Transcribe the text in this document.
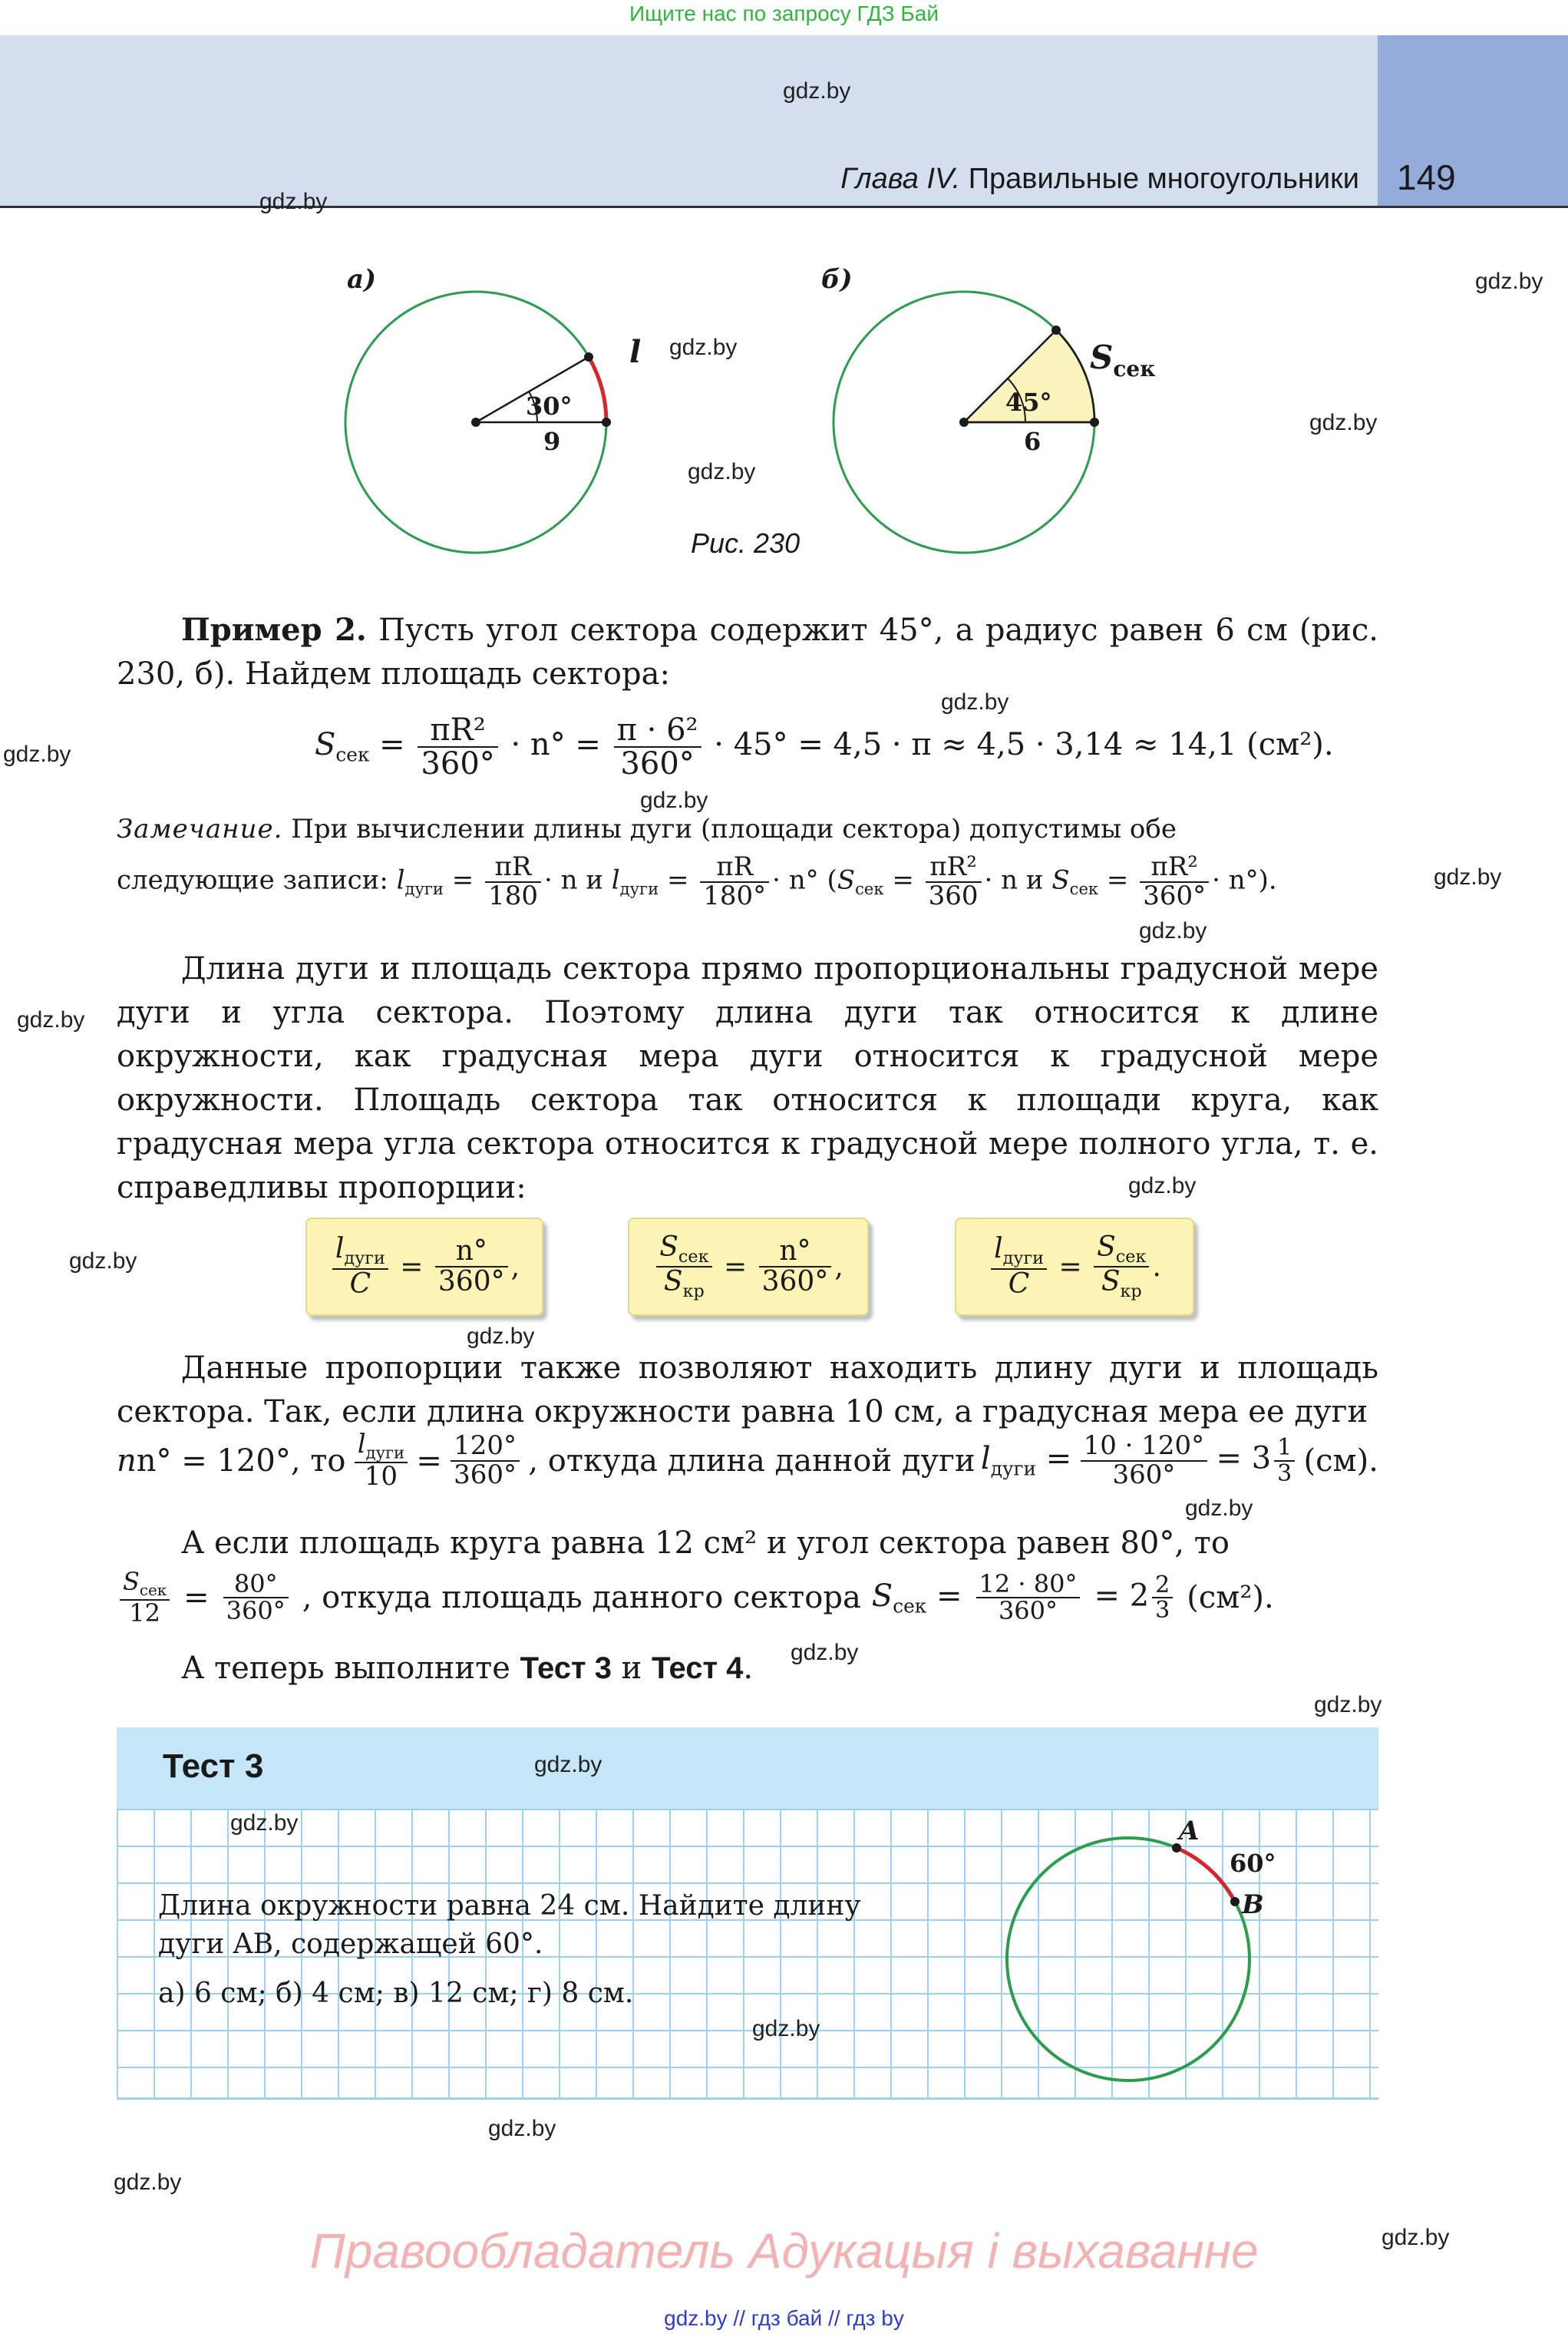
Ищите нас по запросу ГДЗ Бай
Глава IV. Правильные многоугольники 149
gdz.by
gdz.by
gdz.by
gdz.by
gdz.by
gdz.by
gdz.by
gdz.by
gdz.by
gdz.by
gdz.by
gdz.by
gdz.by
gdz.by
gdz.by
gdz.by
gdz.by
gdz.by
а)
30°
9
l
б)
45°
6
$S_{сек}$
Рис. 230
Пример 2. Пусть угол сектора содержит 45°, а радиус равен 6 см (рис. 230, б). Найдем площадь сектора:
$S_{сек} = \frac{\text{πR²}}{360^\circ} \cdot n^\circ = \frac{\text{π · 6²}}{360^\circ} \cdot 45^\circ = 4,5 \cdot \pi \approx 4,5 \cdot 3,14 \approx 14,1$ (см²).
Замечание. При вычислении длины дуги (площади сектора) допустимы обе
следующие записи: $l_{дуги} = \frac{\pi R}{180} \cdot n$ и $l_{дуги} = \frac{\pi R}{180^\circ} \cdot n^\circ$ ($S_{сек} = \frac{\text{πR²}}{360} \cdot n$ и $S_{сек} = \frac{\text{πR²}}{360^\circ} \cdot n^\circ$).
Длина дуги и площадь сектора прямо пропорциональны градусной мере дуги и угла сектора. Поэтому длина дуги так относится к длине окружности, как градусная мера дуги относится к градусной мере окружности. Площадь сектора так относится к площади круга, как градусная мера угла сектора относится к градусной мере полного угла, т. е. справедливы пропорции:
$\frac{l_{дуги}}{C} = \frac{n^\circ}{360^\circ}$ ,	$\frac{S_{сек}}{S_{кр}} = \frac{n^\circ}{360^\circ}$ ,	$\frac{l_{дуги}}{C} = \frac{S_{сек}}{S_{кр}}$ .
Данные пропорции также позволяют находить длину дуги и площадь сектора. Так, если длина окружности равна 10 см, а градусная мера ее дуги
nn° = 120°, то $\frac{l_{дуги}}{10} = \frac{120^\circ}{360^\circ}$ , откуда длина данной дуги $l_{дуги} = \frac{10 \cdot 120^\circ}{360^\circ} = 3 \frac{1}{3} (см)$.
А если площадь круга равна 12 см² и угол сектора равен 80°, то
$\frac{S_{сек}}{12} = \frac{80^\circ}{360^\circ}$ , откуда площадь данного сектора $S_{сек} = \frac{12 \cdot 80^\circ}{360^\circ} = 2 \frac{2}{3} (см^2)$.
А теперь выполните Тест 3 и Тест 4.
Тест 3	gdz.by
gdz.by
gdz.by
Длина окружности равна 24 см. Найдите длину
дуги AB, содержащей 60°.
а) 6 см; б) 4 см; в) 12 см; г) 8 см.
A
B
60°
gdz.by
gdz.by
gdz.by
Правообладатель Адукацыя і выхаванне
gdz.by // гдз бай // гдз by
